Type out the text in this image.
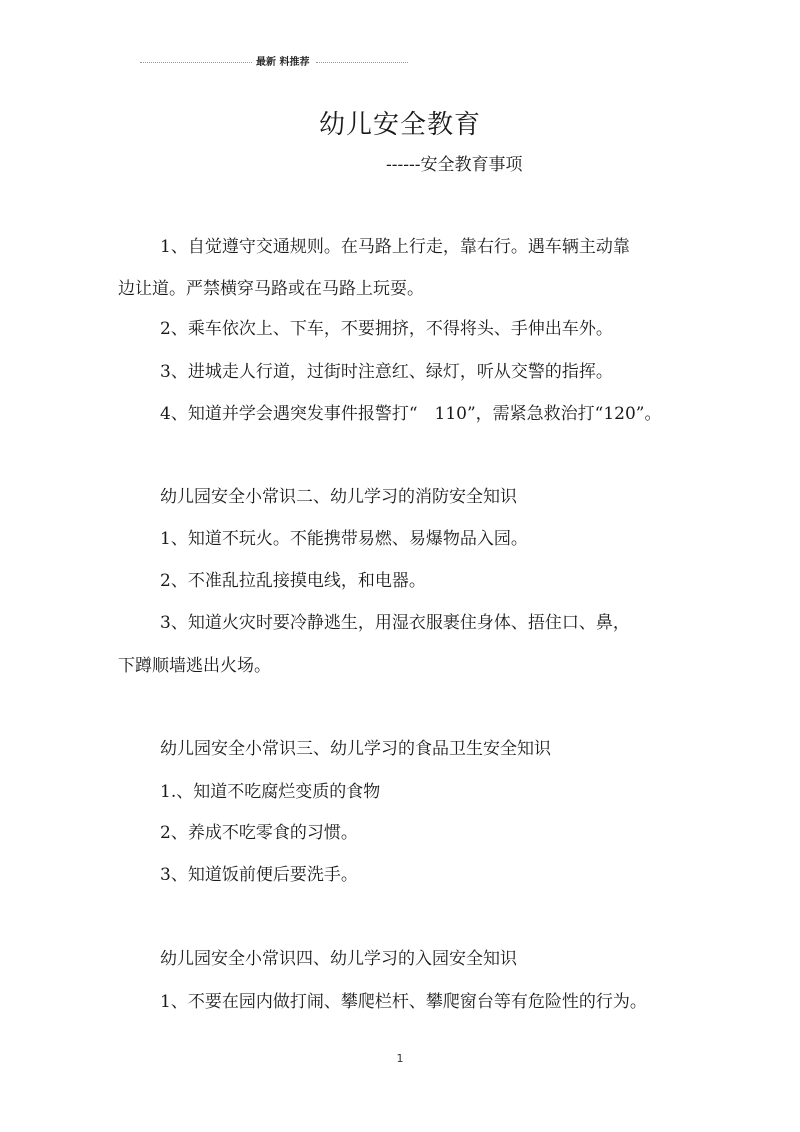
最新 料推荐
幼儿安全教育
------安全教育事项
1、自觉遵守交通规则。在马路上行走，靠右行。遇车辆主动靠
边让道。严禁横穿马路或在马路上玩耍。
2、乘车依次上、下车，不要拥挤，不得将头、手伸出车外。
3、进城走人行道，过街时注意红、绿灯，听从交警的指挥。
4、知道并学会遇突发事件报警打“　110”，需紧急救治打“120”。
幼儿园安全小常识二、幼儿学习的消防安全知识
1、知道不玩火。不能携带易燃、易爆物品入园。
2、不准乱拉乱接摸电线，和电器。
3、知道火灾时要冷静逃生，用湿衣服裹住身体、捂住口、鼻，
下蹲顺墙逃出火场。
幼儿园安全小常识三、幼儿学习的食品卫生安全知识
1.、知道不吃腐烂变质的食物
2、养成不吃零食的习惯。
3、知道饭前便后要洗手。
幼儿园安全小常识四、幼儿学习的入园安全知识
1、不要在园内做打闹、攀爬栏杆、攀爬窗台等有危险性的行为。
1
